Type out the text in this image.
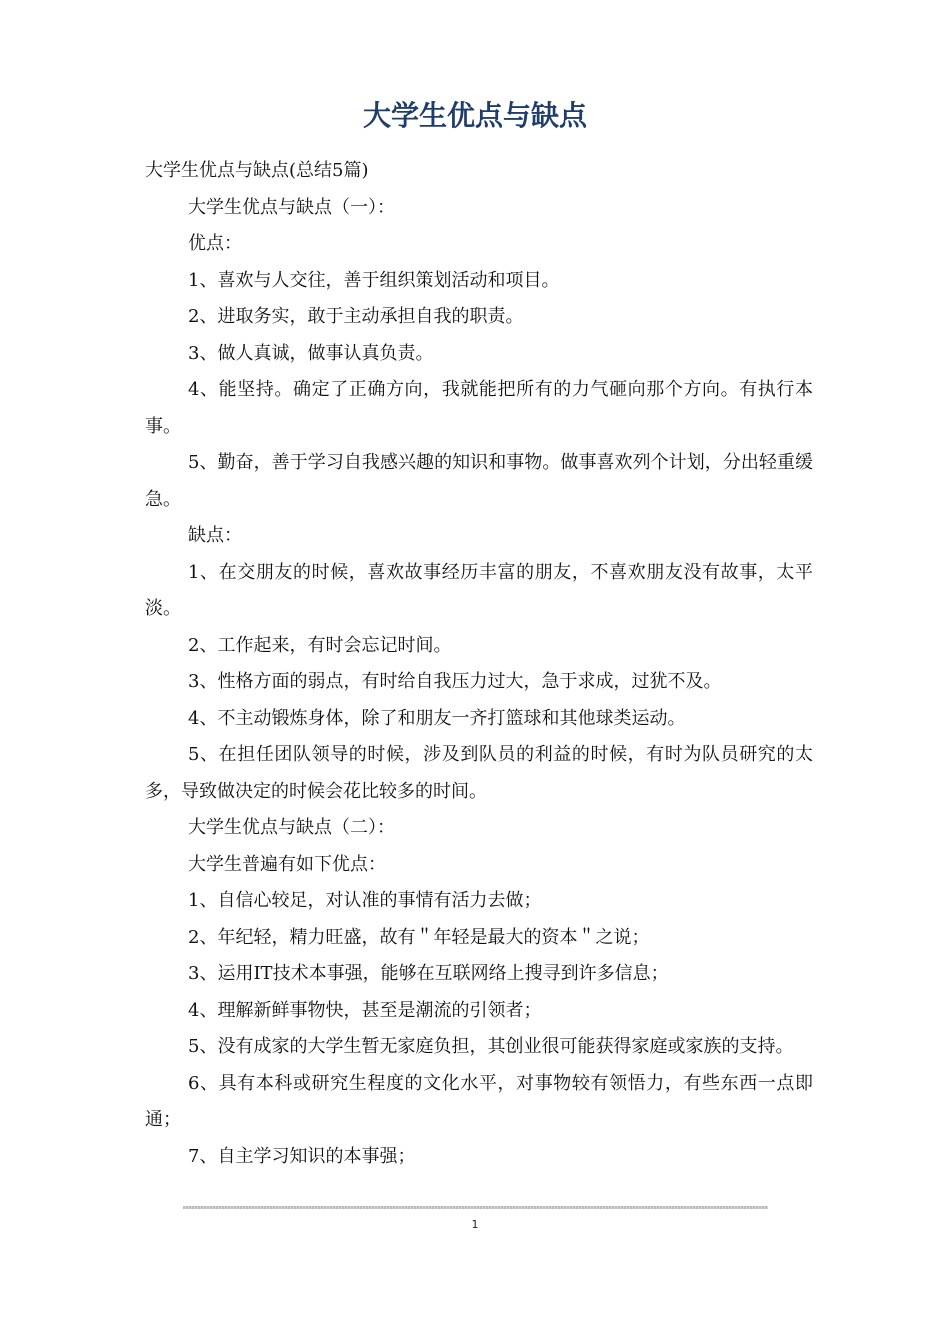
大学生优点与缺点

大学生优点与缺点(总结5篇)

大学生优点与缺点（一）：

优点：

1、喜欢与人交往，善于组织策划活动和项目。

2、进取务实，敢于主动承担自我的职责。

3、做人真诚，做事认真负责。

4、能坚持。确定了正确方向，我就能把所有的力气砸向那个方向。有执行本事。

5、勤奋，善于学习自我感兴趣的知识和事物。做事喜欢列个计划，分出轻重缓急。

缺点：

1、在交朋友的时候，喜欢故事经历丰富的朋友，不喜欢朋友没有故事，太平淡。

2、工作起来，有时会忘记时间。

3、性格方面的弱点，有时给自我压力过大，急于求成，过犹不及。

4、不主动锻炼身体，除了和朋友一齐打篮球和其他球类运动。

5、在担任团队领导的时候，涉及到队员的利益的时候，有时为队员研究的太多，导致做决定的时候会花比较多的时间。

大学生优点与缺点（二）：

大学生普遍有如下优点：

1、自信心较足，对认准的事情有活力去做；

2、年纪轻，精力旺盛，故有＂年轻是最大的资本＂之说；

3、运用IT技术本事强，能够在互联网络上搜寻到许多信息；

4、理解新鲜事物快，甚至是潮流的引领者；

5、没有成家的大学生暂无家庭负担，其创业很可能获得家庭或家族的支持。

6、具有本科或研究生程度的文化水平，对事物较有领悟力，有些东西一点即通；

7、自主学习知识的本事强；

1
